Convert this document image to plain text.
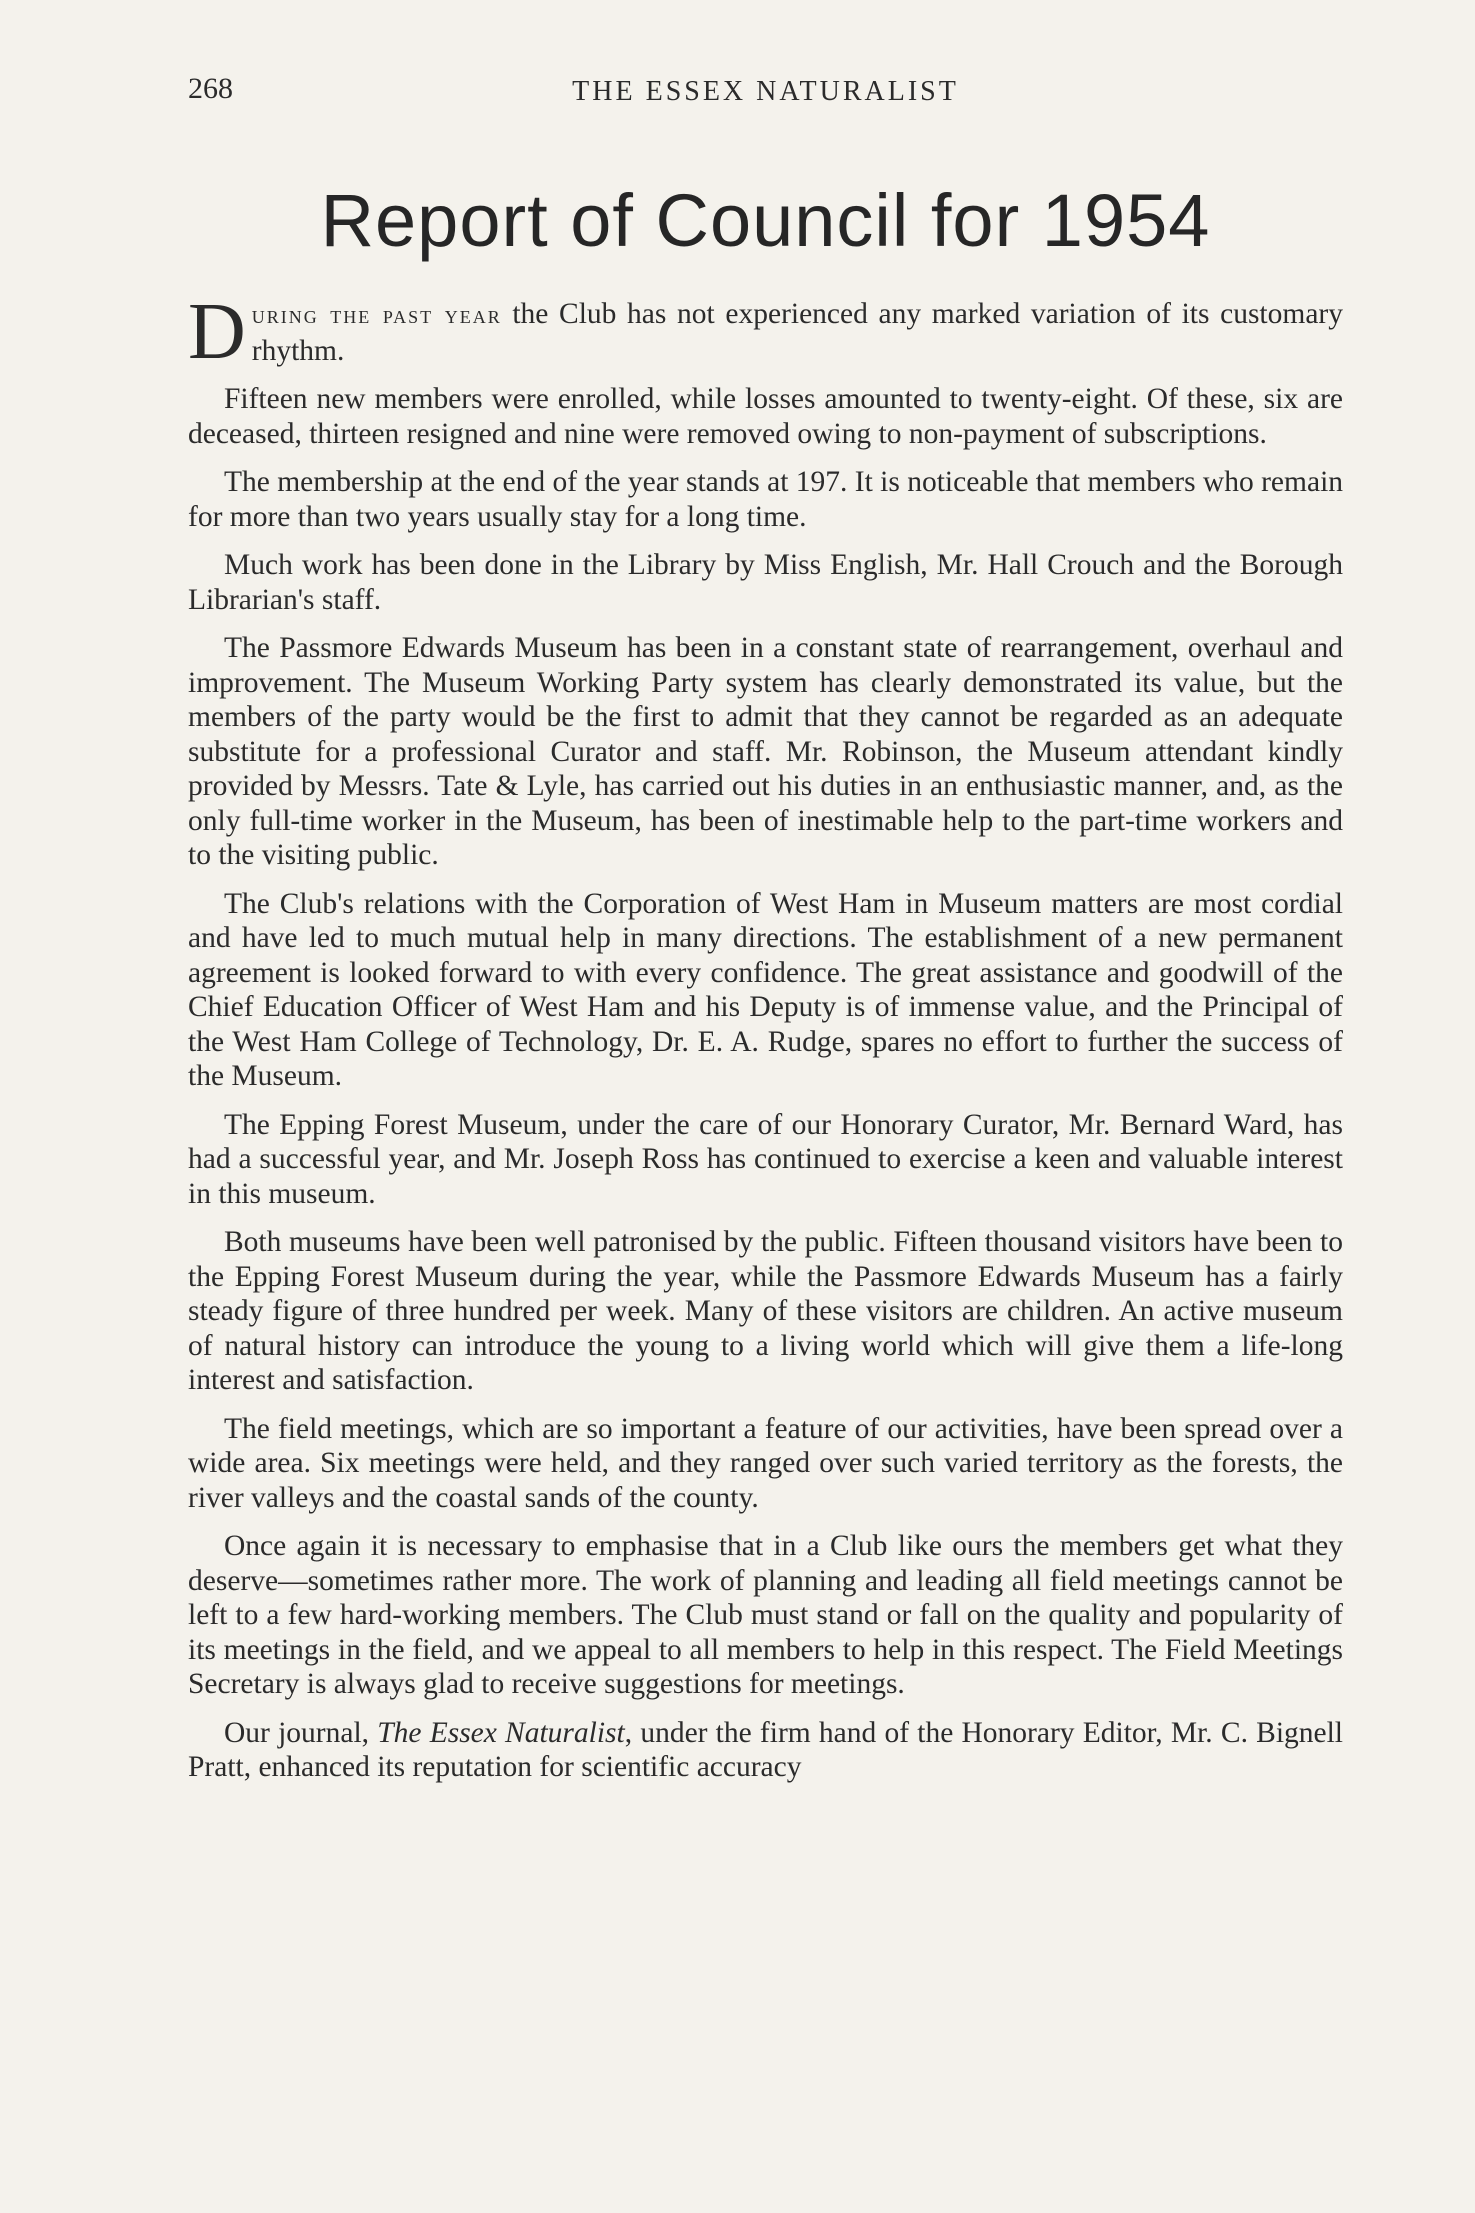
268	THE ESSEX NATURALIST
Report of Council for 1954

During the past year the Club has not experienced any marked variation of its customary rhythm.

Fifteen new members were enrolled, while losses amounted to twenty-eight. Of these, six are deceased, thirteen resigned and nine were removed owing to non-payment of subscriptions.

The membership at the end of the year stands at 197. It is noticeable that members who remain for more than two years usually stay for a long time.

Much work has been done in the Library by Miss English, Mr. Hall Crouch and the Borough Librarian's staff.

The Passmore Edwards Museum has been in a constant state of rearrangement, overhaul and improvement. The Museum Working Party system has clearly demonstrated its value, but the members of the party would be the first to admit that they cannot be regarded as an adequate substitute for a professional Curator and staff. Mr. Robinson, the Museum attendant kindly provided by Messrs. Tate & Lyle, has carried out his duties in an enthusiastic manner, and, as the only full-time worker in the Museum, has been of inestimable help to the part-time workers and to the visiting public.

The Club's relations with the Corporation of West Ham in Museum matters are most cordial and have led to much mutual help in many directions. The establishment of a new permanent agreement is looked forward to with every confidence. The great assistance and goodwill of the Chief Education Officer of West Ham and his Deputy is of immense value, and the Principal of the West Ham College of Technology, Dr. E. A. Rudge, spares no effort to further the success of the Museum.

The Epping Forest Museum, under the care of our Honorary Curator, Mr. Bernard Ward, has had a successful year, and Mr. Joseph Ross has continued to exercise a keen and valuable interest in this museum.

Both museums have been well patronised by the public. Fifteen thousand visitors have been to the Epping Forest Museum during the year, while the Passmore Edwards Museum has a fairly steady figure of three hundred per week. Many of these visitors are children. An active museum of natural history can introduce the young to a living world which will give them a life-long interest and satisfaction.

The field meetings, which are so important a feature of our activities, have been spread over a wide area. Six meetings were held, and they ranged over such varied territory as the forests, the river valleys and the coastal sands of the county.

Once again it is necessary to emphasise that in a Club like ours the members get what they deserve—sometimes rather more. The work of planning and leading all field meetings cannot be left to a few hard-working members. The Club must stand or fall on the quality and popularity of its meetings in the field, and we appeal to all members to help in this respect. The Field Meetings Secretary is always glad to receive suggestions for meetings.

Our journal, The Essex Naturalist, under the firm hand of the Honorary Editor, Mr. C. Bignell Pratt, enhanced its reputation for scientific accuracy
